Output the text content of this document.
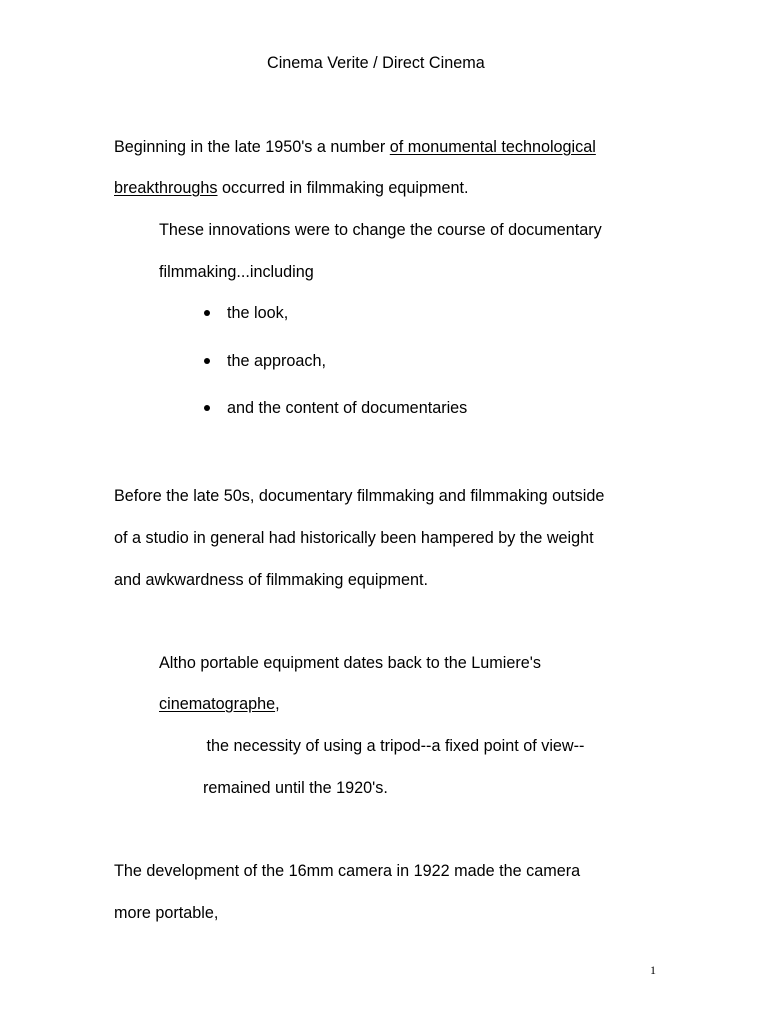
Cinema Verite / Direct Cinema
Beginning in the late 1950's a number of monumental technological
breakthroughs occurred in filmmaking equipment.
These innovations were to change the course of documentary
filmmaking...including
the look,
the approach,
and the content of documentaries
Before the late 50s, documentary filmmaking and filmmaking outside
of a studio in general had historically been hampered by the weight
and awkwardness of filmmaking equipment.
Altho portable equipment dates back to the Lumiere's
cinematographe,
the necessity of using a tripod--a fixed point of view--
remained until the 1920's.
The development of the 16mm camera in 1922 made the camera
more portable,
1
